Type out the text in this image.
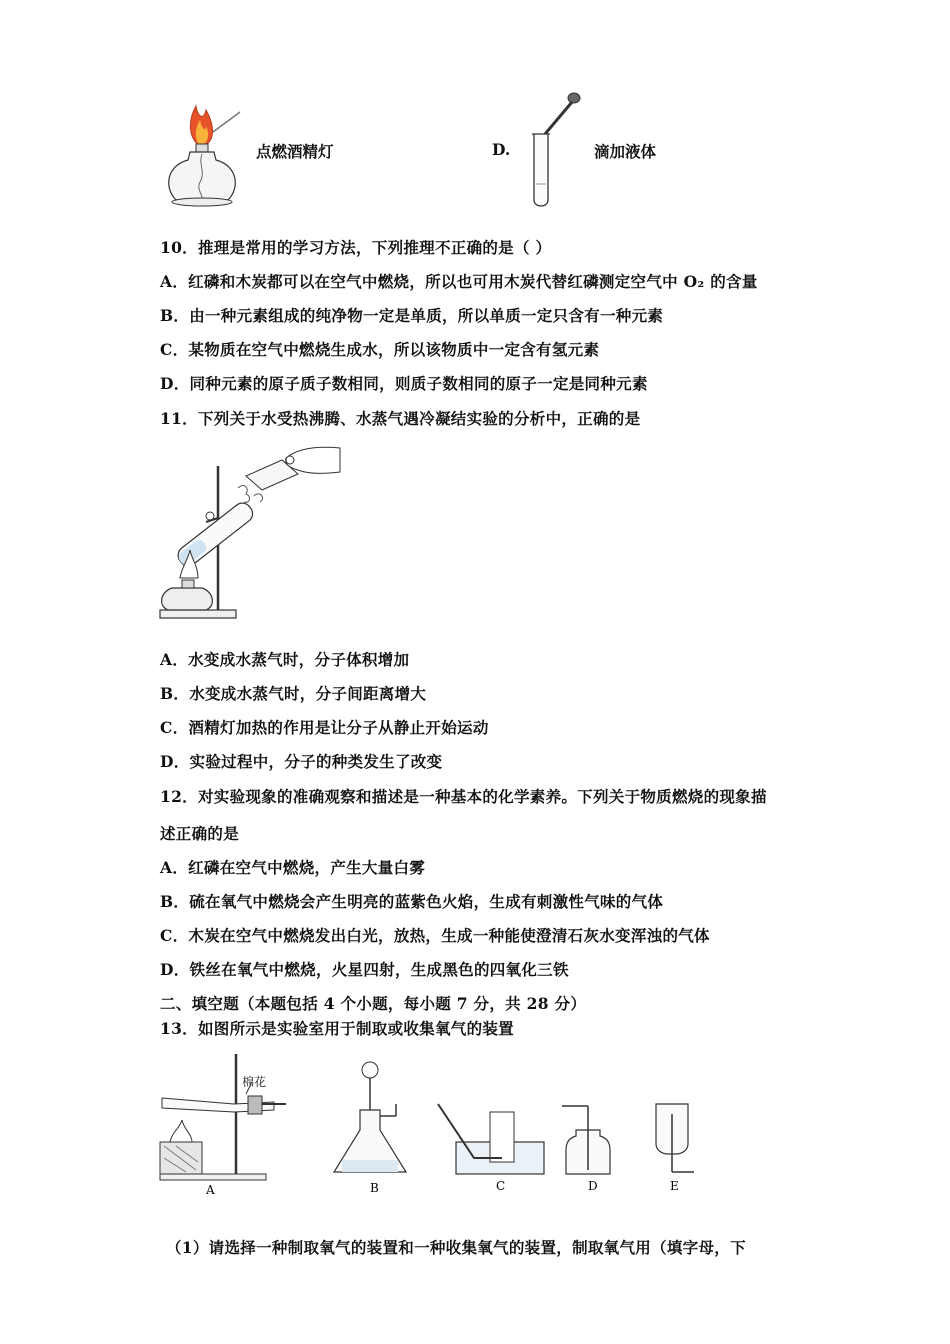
点燃酒精灯	D.	滴加液体
10．推理是常用的学习方法，下列推理不正确的是（ ）
A．红磷和木炭都可以在空气中燃烧，所以也可用木炭代替红磷测定空气中 O₂ 的含量
B．由一种元素组成的纯净物一定是单质，所以单质一定只含有一种元素
C．某物质在空气中燃烧生成水，所以该物质中一定含有氢元素
D．同种元素的原子质子数相同，则质子数相同的原子一定是同种元素
11．下列关于水受热沸腾、水蒸气遇冷凝结实验的分析中，正确的是
A．水变成水蒸气时，分子体积增加
B．水变成水蒸气时，分子间距离增大
C．酒精灯加热的作用是让分子从静止开始运动
D．实验过程中，分子的种类发生了改变
12．对实验现象的准确观察和描述是一种基本的化学素养。下列关于物质燃烧的现象描
述正确的是
A．红磷在空气中燃烧，产生大量白雾
B．硫在氧气中燃烧会产生明亮的蓝紫色火焰，生成有刺激性气味的气体
C．木炭在空气中燃烧发出白光，放热，生成一种能使澄清石灰水变浑浊的气体
D．铁丝在氧气中燃烧，火星四射，生成黑色的四氧化三铁
二、填空题（本题包括 4 个小题，每小题 7 分，共 28 分）
13．如图所示是实验室用于制取或收集氧气的装置
棉花
A	B	C	D	E
（1）请选择一种制取氧气的装置和一种收集氧气的装置，制取氧气用（填字母，下
